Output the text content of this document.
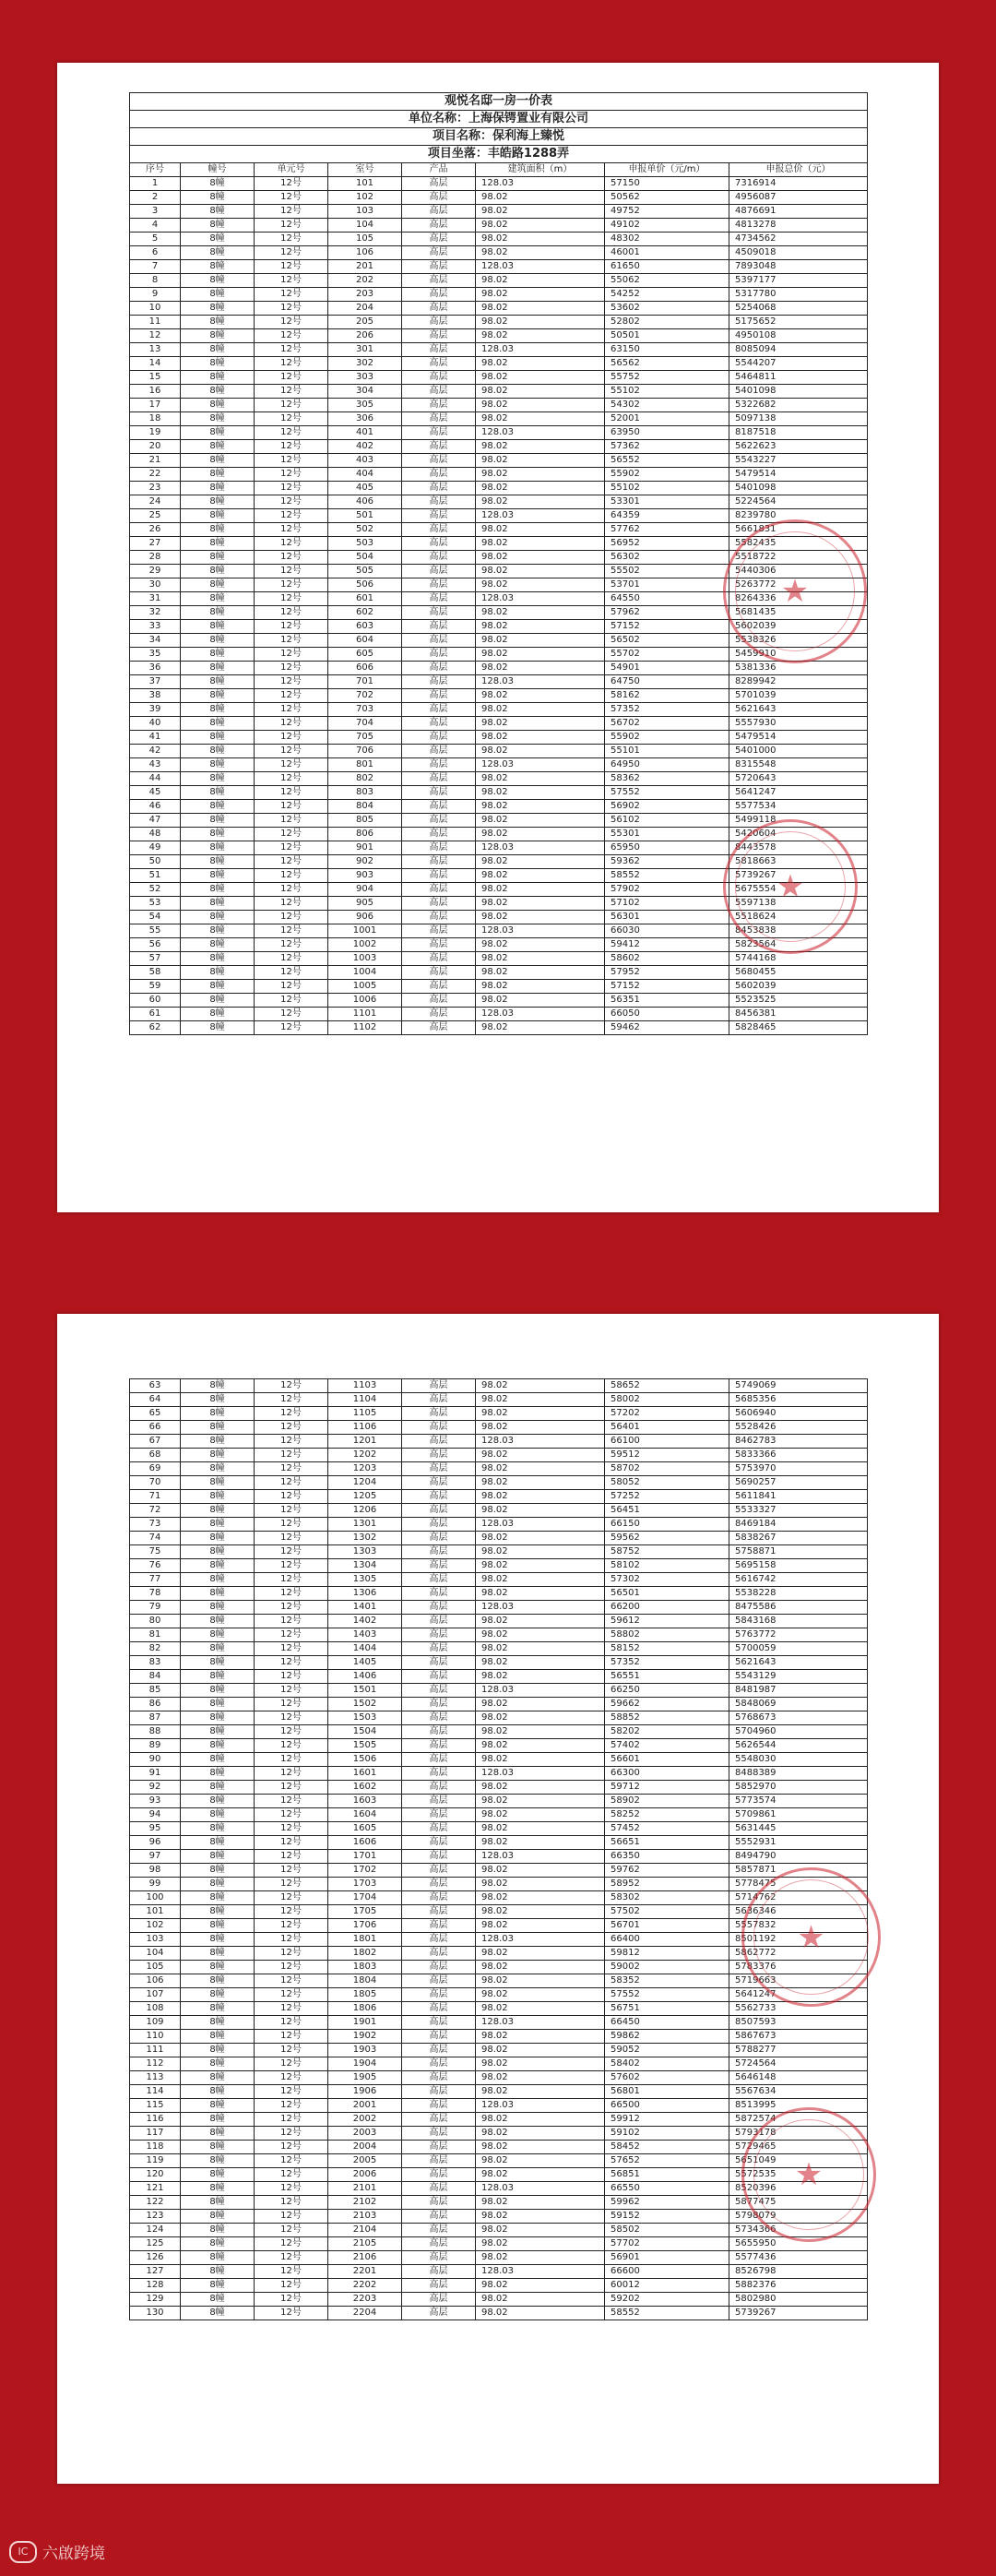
观悦名邸一房一价表							
单位名称：上海保锷置业有限公司							
项目名称：保利海上臻悦							
项目坐落：丰皓路1288弄							
序号	幢号	单元号	室号	产品	建筑面积（m）	申报单价（元/m）	申报总价（元）
1	8幢	12号	101	高层	128.03	57150	7316914
2	8幢	12号	102	高层	98.02	50562	4956087
3	8幢	12号	103	高层	98.02	49752	4876691
4	8幢	12号	104	高层	98.02	49102	4813278
5	8幢	12号	105	高层	98.02	48302	4734562
6	8幢	12号	106	高层	98.02	46001	4509018
7	8幢	12号	201	高层	128.03	61650	7893048
8	8幢	12号	202	高层	98.02	55062	5397177
9	8幢	12号	203	高层	98.02	54252	5317780
10	8幢	12号	204	高层	98.02	53602	5254068
11	8幢	12号	205	高层	98.02	52802	5175652
12	8幢	12号	206	高层	98.02	50501	4950108
13	8幢	12号	301	高层	128.03	63150	8085094
14	8幢	12号	302	高层	98.02	56562	5544207
15	8幢	12号	303	高层	98.02	55752	5464811
16	8幢	12号	304	高层	98.02	55102	5401098
17	8幢	12号	305	高层	98.02	54302	5322682
18	8幢	12号	306	高层	98.02	52001	5097138
19	8幢	12号	401	高层	128.03	63950	8187518
20	8幢	12号	402	高层	98.02	57362	5622623
21	8幢	12号	403	高层	98.02	56552	5543227
22	8幢	12号	404	高层	98.02	55902	5479514
23	8幢	12号	405	高层	98.02	55102	5401098
24	8幢	12号	406	高层	98.02	53301	5224564
25	8幢	12号	501	高层	128.03	64359	8239780
26	8幢	12号	502	高层	98.02	57762	5661831
27	8幢	12号	503	高层	98.02	56952	5582435
28	8幢	12号	504	高层	98.02	56302	5518722
29	8幢	12号	505	高层	98.02	55502	5440306
30	8幢	12号	506	高层	98.02	53701	5263772
31	8幢	12号	601	高层	128.03	64550	8264336
32	8幢	12号	602	高层	98.02	57962	5681435
33	8幢	12号	603	高层	98.02	57152	5602039
34	8幢	12号	604	高层	98.02	56502	5538326
35	8幢	12号	605	高层	98.02	55702	5459910
36	8幢	12号	606	高层	98.02	54901	5381336
37	8幢	12号	701	高层	128.03	64750	8289942
38	8幢	12号	702	高层	98.02	58162	5701039
39	8幢	12号	703	高层	98.02	57352	5621643
40	8幢	12号	704	高层	98.02	56702	5557930
41	8幢	12号	705	高层	98.02	55902	5479514
42	8幢	12号	706	高层	98.02	55101	5401000
43	8幢	12号	801	高层	128.03	64950	8315548
44	8幢	12号	802	高层	98.02	58362	5720643
45	8幢	12号	803	高层	98.02	57552	5641247
46	8幢	12号	804	高层	98.02	56902	5577534
47	8幢	12号	805	高层	98.02	56102	5499118
48	8幢	12号	806	高层	98.02	55301	5420604
49	8幢	12号	901	高层	128.03	65950	8443578
50	8幢	12号	902	高层	98.02	59362	5818663
51	8幢	12号	903	高层	98.02	58552	5739267
52	8幢	12号	904	高层	98.02	57902	5675554
53	8幢	12号	905	高层	98.02	57102	5597138
54	8幢	12号	906	高层	98.02	56301	5518624
55	8幢	12号	1001	高层	128.03	66030	8453838
56	8幢	12号	1002	高层	98.02	59412	5823564
57	8幢	12号	1003	高层	98.02	58602	5744168
58	8幢	12号	1004	高层	98.02	57952	5680455
59	8幢	12号	1005	高层	98.02	57152	5602039
60	8幢	12号	1006	高层	98.02	56351	5523525
61	8幢	12号	1101	高层	128.03	66050	8456381
62	8幢	12号	1102	高层	98.02	59462	5828465
★
★
63	8幢	12号	1103	高层	98.02	58652	5749069
64	8幢	12号	1104	高层	98.02	58002	5685356
65	8幢	12号	1105	高层	98.02	57202	5606940
66	8幢	12号	1106	高层	98.02	56401	5528426
67	8幢	12号	1201	高层	128.03	66100	8462783
68	8幢	12号	1202	高层	98.02	59512	5833366
69	8幢	12号	1203	高层	98.02	58702	5753970
70	8幢	12号	1204	高层	98.02	58052	5690257
71	8幢	12号	1205	高层	98.02	57252	5611841
72	8幢	12号	1206	高层	98.02	56451	5533327
73	8幢	12号	1301	高层	128.03	66150	8469184
74	8幢	12号	1302	高层	98.02	59562	5838267
75	8幢	12号	1303	高层	98.02	58752	5758871
76	8幢	12号	1304	高层	98.02	58102	5695158
77	8幢	12号	1305	高层	98.02	57302	5616742
78	8幢	12号	1306	高层	98.02	56501	5538228
79	8幢	12号	1401	高层	128.03	66200	8475586
80	8幢	12号	1402	高层	98.02	59612	5843168
81	8幢	12号	1403	高层	98.02	58802	5763772
82	8幢	12号	1404	高层	98.02	58152	5700059
83	8幢	12号	1405	高层	98.02	57352	5621643
84	8幢	12号	1406	高层	98.02	56551	5543129
85	8幢	12号	1501	高层	128.03	66250	8481987
86	8幢	12号	1502	高层	98.02	59662	5848069
87	8幢	12号	1503	高层	98.02	58852	5768673
88	8幢	12号	1504	高层	98.02	58202	5704960
89	8幢	12号	1505	高层	98.02	57402	5626544
90	8幢	12号	1506	高层	98.02	56601	5548030
91	8幢	12号	1601	高层	128.03	66300	8488389
92	8幢	12号	1602	高层	98.02	59712	5852970
93	8幢	12号	1603	高层	98.02	58902	5773574
94	8幢	12号	1604	高层	98.02	58252	5709861
95	8幢	12号	1605	高层	98.02	57452	5631445
96	8幢	12号	1606	高层	98.02	56651	5552931
97	8幢	12号	1701	高层	128.03	66350	8494790
98	8幢	12号	1702	高层	98.02	59762	5857871
99	8幢	12号	1703	高层	98.02	58952	5778475
100	8幢	12号	1704	高层	98.02	58302	5714762
101	8幢	12号	1705	高层	98.02	57502	5636346
102	8幢	12号	1706	高层	98.02	56701	5557832
103	8幢	12号	1801	高层	128.03	66400	8501192
104	8幢	12号	1802	高层	98.02	59812	5862772
105	8幢	12号	1803	高层	98.02	59002	5783376
106	8幢	12号	1804	高层	98.02	58352	5719663
107	8幢	12号	1805	高层	98.02	57552	5641247
108	8幢	12号	1806	高层	98.02	56751	5562733
109	8幢	12号	1901	高层	128.03	66450	8507593
110	8幢	12号	1902	高层	98.02	59862	5867673
111	8幢	12号	1903	高层	98.02	59052	5788277
112	8幢	12号	1904	高层	98.02	58402	5724564
113	8幢	12号	1905	高层	98.02	57602	5646148
114	8幢	12号	1906	高层	98.02	56801	5567634
115	8幢	12号	2001	高层	128.03	66500	8513995
116	8幢	12号	2002	高层	98.02	59912	5872574
117	8幢	12号	2003	高层	98.02	59102	5793178
118	8幢	12号	2004	高层	98.02	58452	5729465
119	8幢	12号	2005	高层	98.02	57652	5651049
120	8幢	12号	2006	高层	98.02	56851	5572535
121	8幢	12号	2101	高层	128.03	66550	8520396
122	8幢	12号	2102	高层	98.02	59962	5877475
123	8幢	12号	2103	高层	98.02	59152	5798079
124	8幢	12号	2104	高层	98.02	58502	5734366
125	8幢	12号	2105	高层	98.02	57702	5655950
126	8幢	12号	2106	高层	98.02	56901	5577436
127	8幢	12号	2201	高层	128.03	66600	8526798
128	8幢	12号	2202	高层	98.02	60012	5882376
129	8幢	12号	2203	高层	98.02	59202	5802980
130	8幢	12号	2204	高层	98.02	58552	5739267
★
★
IC 六啟跨境
